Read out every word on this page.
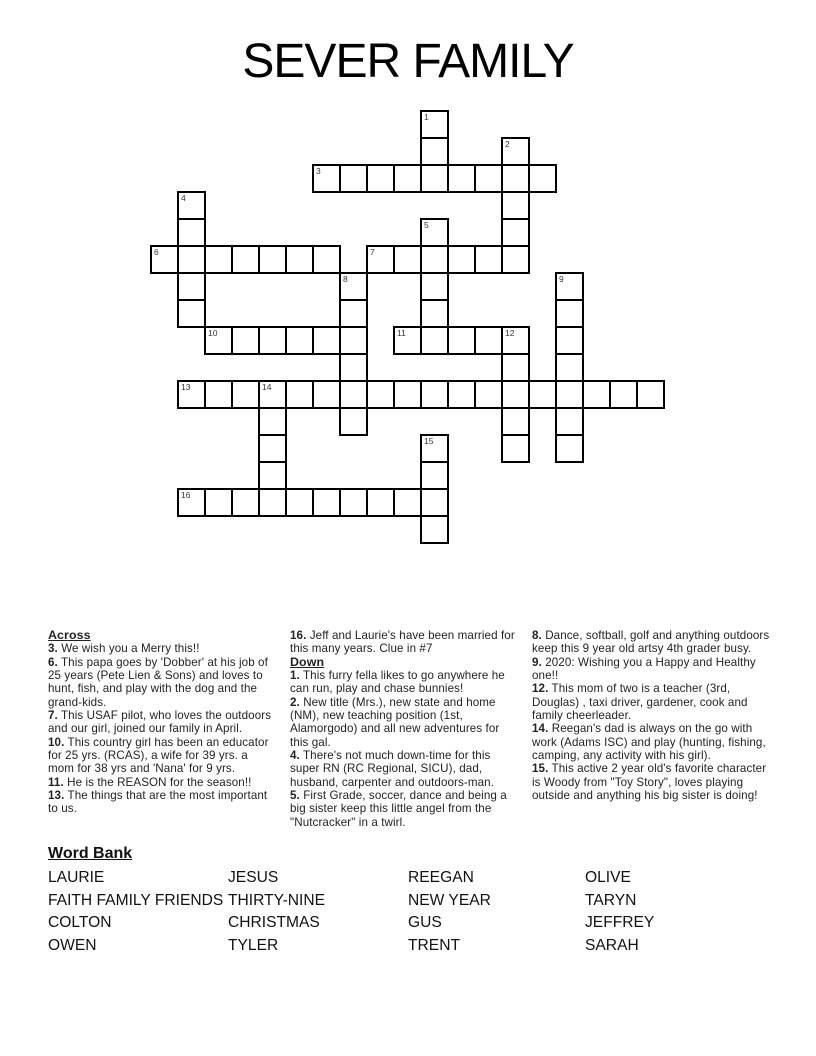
SEVER FAMILY
1
2
3
4
5
6	7
8	9
10	11	12
13	14
15
16
Across

3. We wish you a Merry this!!

6. This papa goes by 'Dobber' at his job of 25 years (Pete Lien & Sons) and loves to hunt, fish, and play with the dog and the grand-kids.

7. This USAF pilot, who loves the outdoors and our girl, joined our family in April.

10. This country girl has been an educator for 25 yrs. (RCAS), a wife for 39 yrs. a mom for 38 yrs and 'Nana' for 9 yrs.

11. He is the REASON for the season!!

13. The things that are the most important to us.

16. Jeff and Laurie's have been married for this many years. Clue in #7

Down

1. This furry fella likes to go anywhere he can run, play and chase bunnies!

2. New title (Mrs.), new state and home (NM), new teaching position (1st, Alamorgodo) and all new adventures for this gal.

4. There's not much down-time for this super RN (RC Regional, SICU), dad, husband, carpenter and outdoors-man.

5. First Grade, soccer, dance and being a big sister keep this little angel from the "Nutcracker" in a twirl.

8. Dance, softball, golf and anything outdoors keep this 9 year old artsy 4th grader busy.

9. 2020: Wishing you a Happy and Healthy one!!

12. This mom of two is a teacher (3rd, Douglas) , taxi driver, gardener, cook and family cheerleader.

14. Reegan's dad is always on the go with work (Adams ISC) and play (hunting, fishing, camping, any activity with his girl).

15. This active 2 year old's favorite character is Woody from "Toy Story", loves playing outside and anything his big sister is doing!

Word Bank
LAURIE
FAITH FAMILY FRIENDS
COLTON
OWEN
JESUS
THIRTY-NINE
CHRISTMAS
TYLER
REEGAN
NEW YEAR
GUS
TRENT
OLIVE
TARYN
JEFFREY
SARAH
